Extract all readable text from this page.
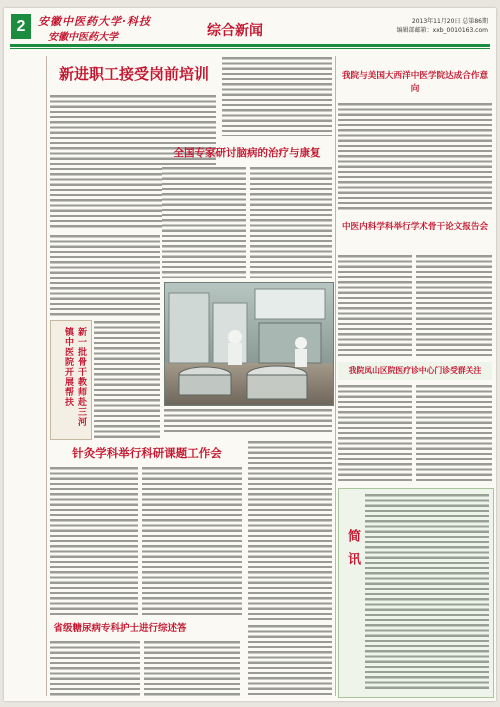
2	安徽中医药大学·科技
安徽中医药大学	综合新闻
2013年11月20日 总第86期
编辑部邮箱：xxb_0010163.com
新进职工接受岗前培训
全国专家研讨脑病的治疗与康复
新一批骨干教师赴三河镇中医院开展帮扶
针灸学科举行科研课题工作会
省级糖尿病专科护士进行综述答
我院与美国大西洋中医学院达成合作意向
中医内科学科举行学术骨干论文报告会
我院凤山区院医疗诊中心门诊受群关注
简讯
